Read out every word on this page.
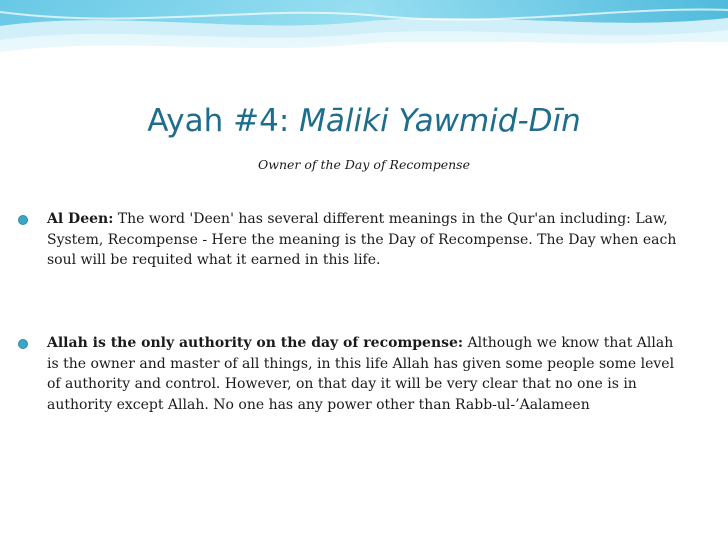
Ayah #4: Māliki Yawmid-Dīn

Owner of the Day of Recompense

Al Deen: The word 'Deen' has several different meanings in the Qur'an including: Law, System, Recompense - Here the meaning is the Day of Recompense. The Day when each soul will be requited what it earned in this life.
Allah is the only authority on the day of recompense: Although we know that Allah is the owner and master of all things, in this life Allah has given some people some level of authority and control. However, on that day it will be very clear that no one is in authority except Allah. No one has any power other than Rabb-ul-’Aalameen
